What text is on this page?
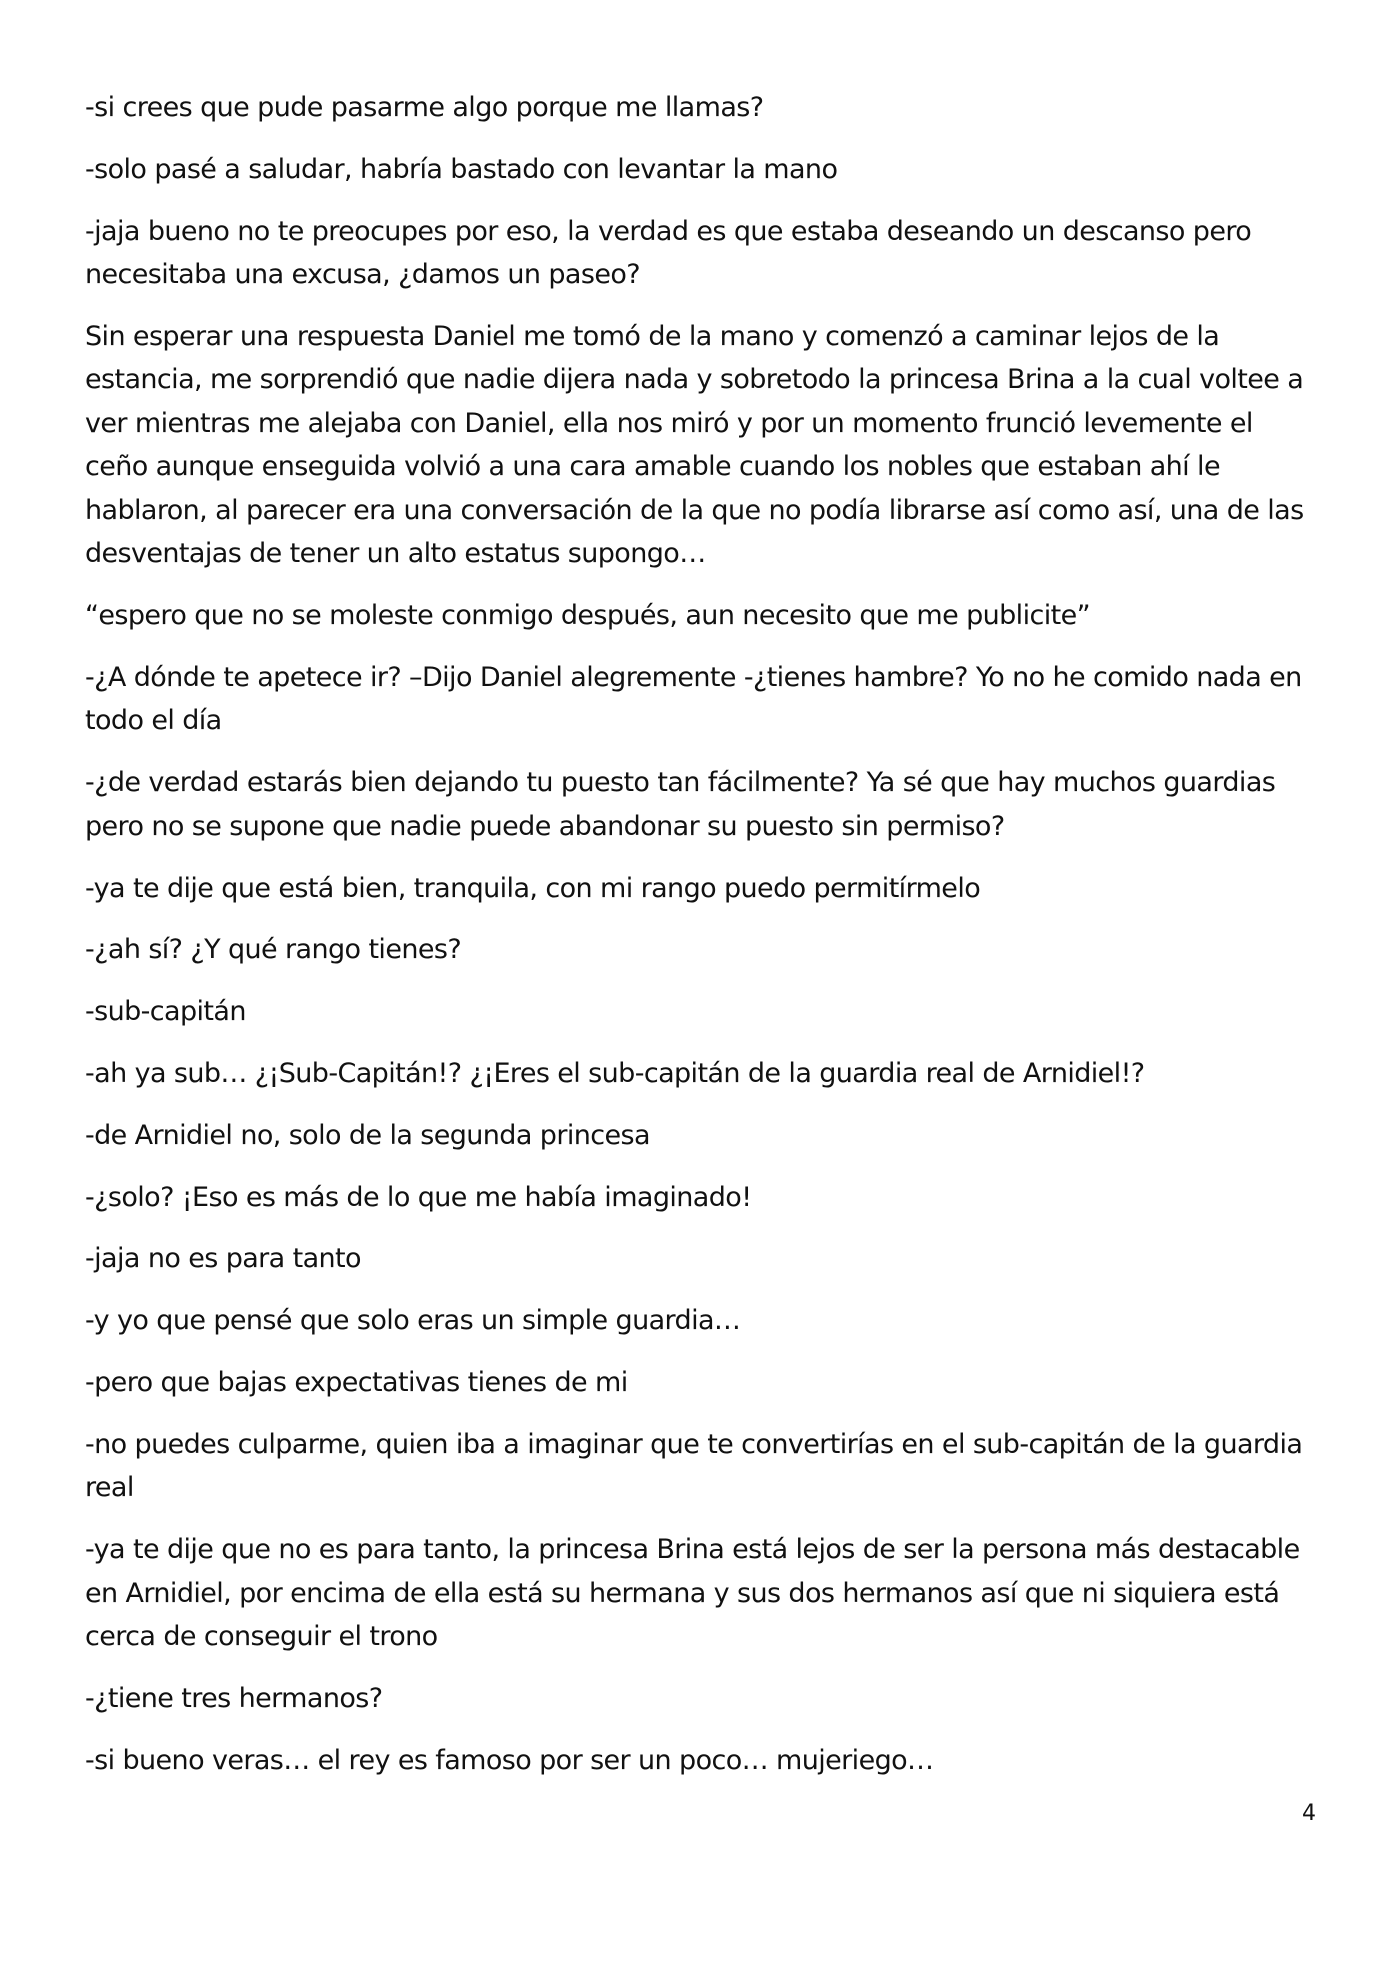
-si crees que pude pasarme algo porque me llamas?

-solo pasé a saludar, habría bastado con levantar la mano

-jaja bueno no te preocupes por eso, la verdad es que estaba deseando un descanso pero necesitaba una excusa, ¿damos un paseo?

Sin esperar una respuesta Daniel me tomó de la mano y comenzó a caminar lejos de la estancia, me sorprendió que nadie dijera nada y sobretodo la princesa Brina a la cual voltee a ver mientras me alejaba con Daniel, ella nos miró y por un momento frunció levemente el ceño aunque enseguida volvió a una cara amable cuando los nobles que estaban ahí le hablaron, al parecer era una conversación de la que no podía librarse así como así, una de las desventajas de tener un alto estatus supongo…

“espero que no se moleste conmigo después, aun necesito que me publicite”

-¿A dónde te apetece ir? –Dijo Daniel alegremente -¿tienes hambre? Yo no he comido nada en todo el día

-¿de verdad estarás bien dejando tu puesto tan fácilmente? Ya sé que hay muchos guardias pero no se supone que nadie puede abandonar su puesto sin permiso?

-ya te dije que está bien, tranquila, con mi rango puedo permitírmelo

-¿ah sí? ¿Y qué rango tienes?

-sub-capitán

-ah ya sub… ¿¡Sub-Capitán!? ¿¡Eres el sub-capitán de la guardia real de Arnidiel!?

-de Arnidiel no, solo de la segunda princesa

-¿solo? ¡Eso es más de lo que me había imaginado!

-jaja no es para tanto

-y yo que pensé que solo eras un simple guardia…

-pero que bajas expectativas tienes de mi

-no puedes culparme, quien iba a imaginar que te convertirías en el sub-capitán de la guardia real

-ya te dije que no es para tanto, la princesa Brina está lejos de ser la persona más destacable en Arnidiel, por encima de ella está su hermana y sus dos hermanos así que ni siquiera está cerca de conseguir el trono

-¿tiene tres hermanos?

-si bueno veras… el rey es famoso por ser un poco… mujeriego…

4
